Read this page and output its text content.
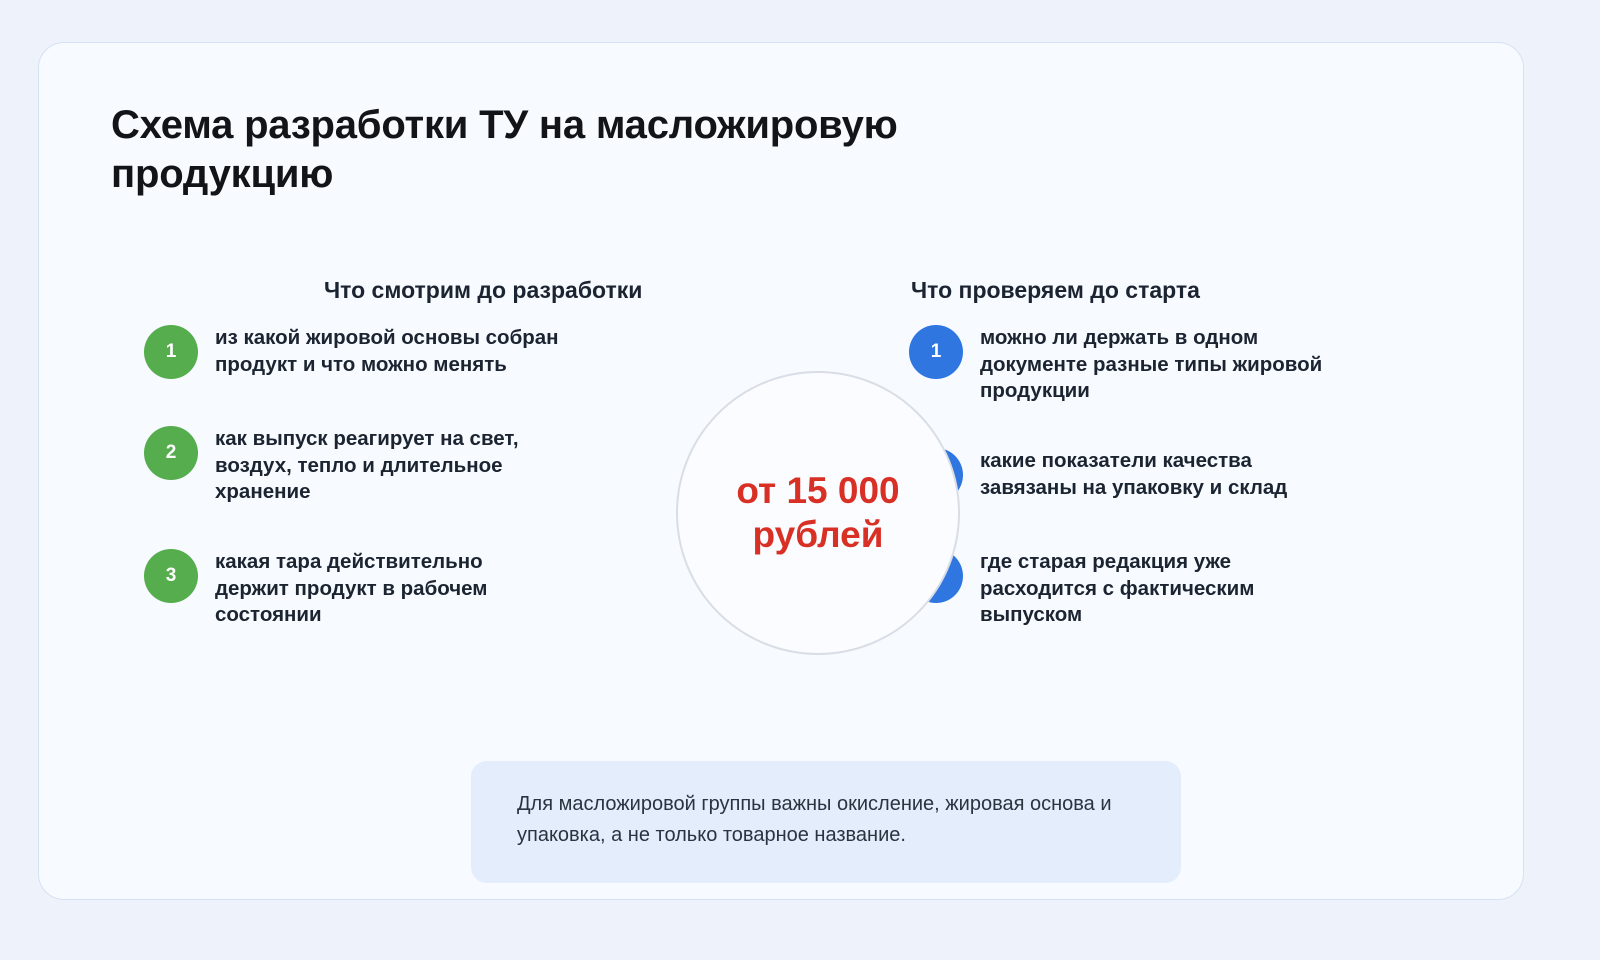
Схема разработки ТУ на масложировую продукцию
Что смотрим до разработки	Что проверяем до старта
1
из какой жировой основы собран продукт и что можно менять
2
как выпуск реагирует на свет, воздух, тепло и длительное хранение
3
какая тара действительно держит продукт в рабочем состоянии
1
можно ли держать в одном документе разные типы жировой продукции
какие показатели качества завязаны на упаковку и склад
где старая редакция уже расходится с фактическим выпуском
от 15 000 рублей
Для масложировой группы важны окисление, жировая основа и упаковка, а не только товарное название.
